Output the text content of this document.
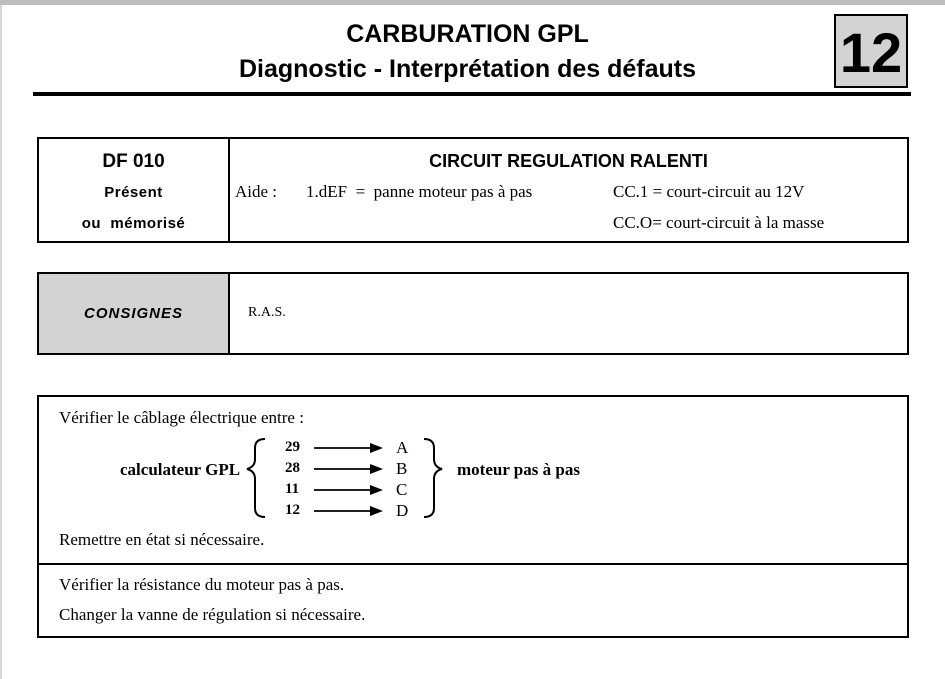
CARBURATION GPL
Diagnostic - Interprétation des défauts	12
DF 010
Présent
ou  mémorisé
CIRCUIT REGULATION RALENTI
Aide : 1.dEF  =  panne moteur pas à pas	CC.1 = court-circuit au 12V
CC.O= court-circuit à la masse
CONSIGNES	R.A.S.
Vérifier le câblage électrique entre :
calculateur GPL	moteur pas à pas
29
28
11
12
A
B
C
D
Remettre en état si nécessaire.
Vérifier la résistance du moteur pas à pas.
Changer la vanne de régulation si nécessaire.
